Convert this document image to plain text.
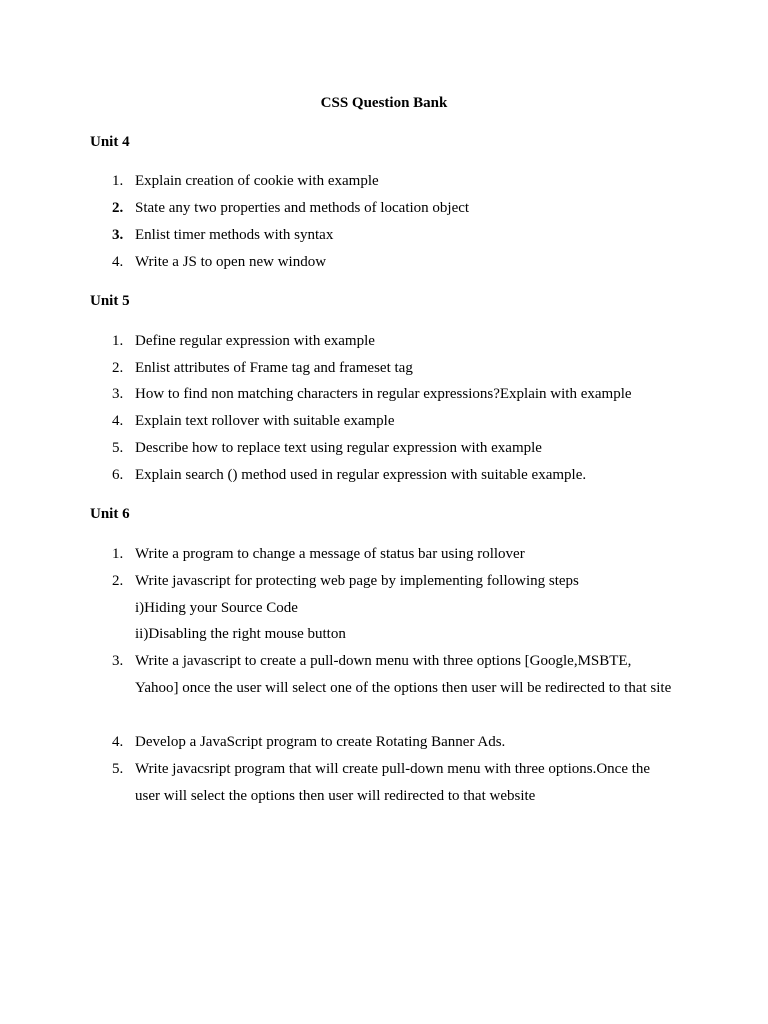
CSS Question Bank
Unit 4
1. Explain creation of cookie with example
2. State any two properties and methods of location object
3. Enlist timer methods with syntax
4. Write a JS to open new window
Unit 5
1. Define regular expression with example
2. Enlist attributes of Frame tag and frameset tag
3. How to find non matching characters in regular expressions?Explain with example
4. Explain text rollover with suitable example
5. Describe how to replace text using regular expression with example
6. Explain search () method used in regular expression with suitable example.
Unit 6
1. Write a program to change a message of status bar using rollover
2. Write javascript for protecting web page by implementing following steps
i)Hiding your Source Code
ii)Disabling the right mouse button
3. Write a javascript to create a pull-down menu with three options [Google,MSBTE,
Yahoo] once the user will select one of the options then user will be redirected to that site
4. Develop a JavaScript program to create Rotating Banner Ads.
5. Write javacsript program that will create pull-down menu with three options.Once the
user will select the options then user will redirected to that website
